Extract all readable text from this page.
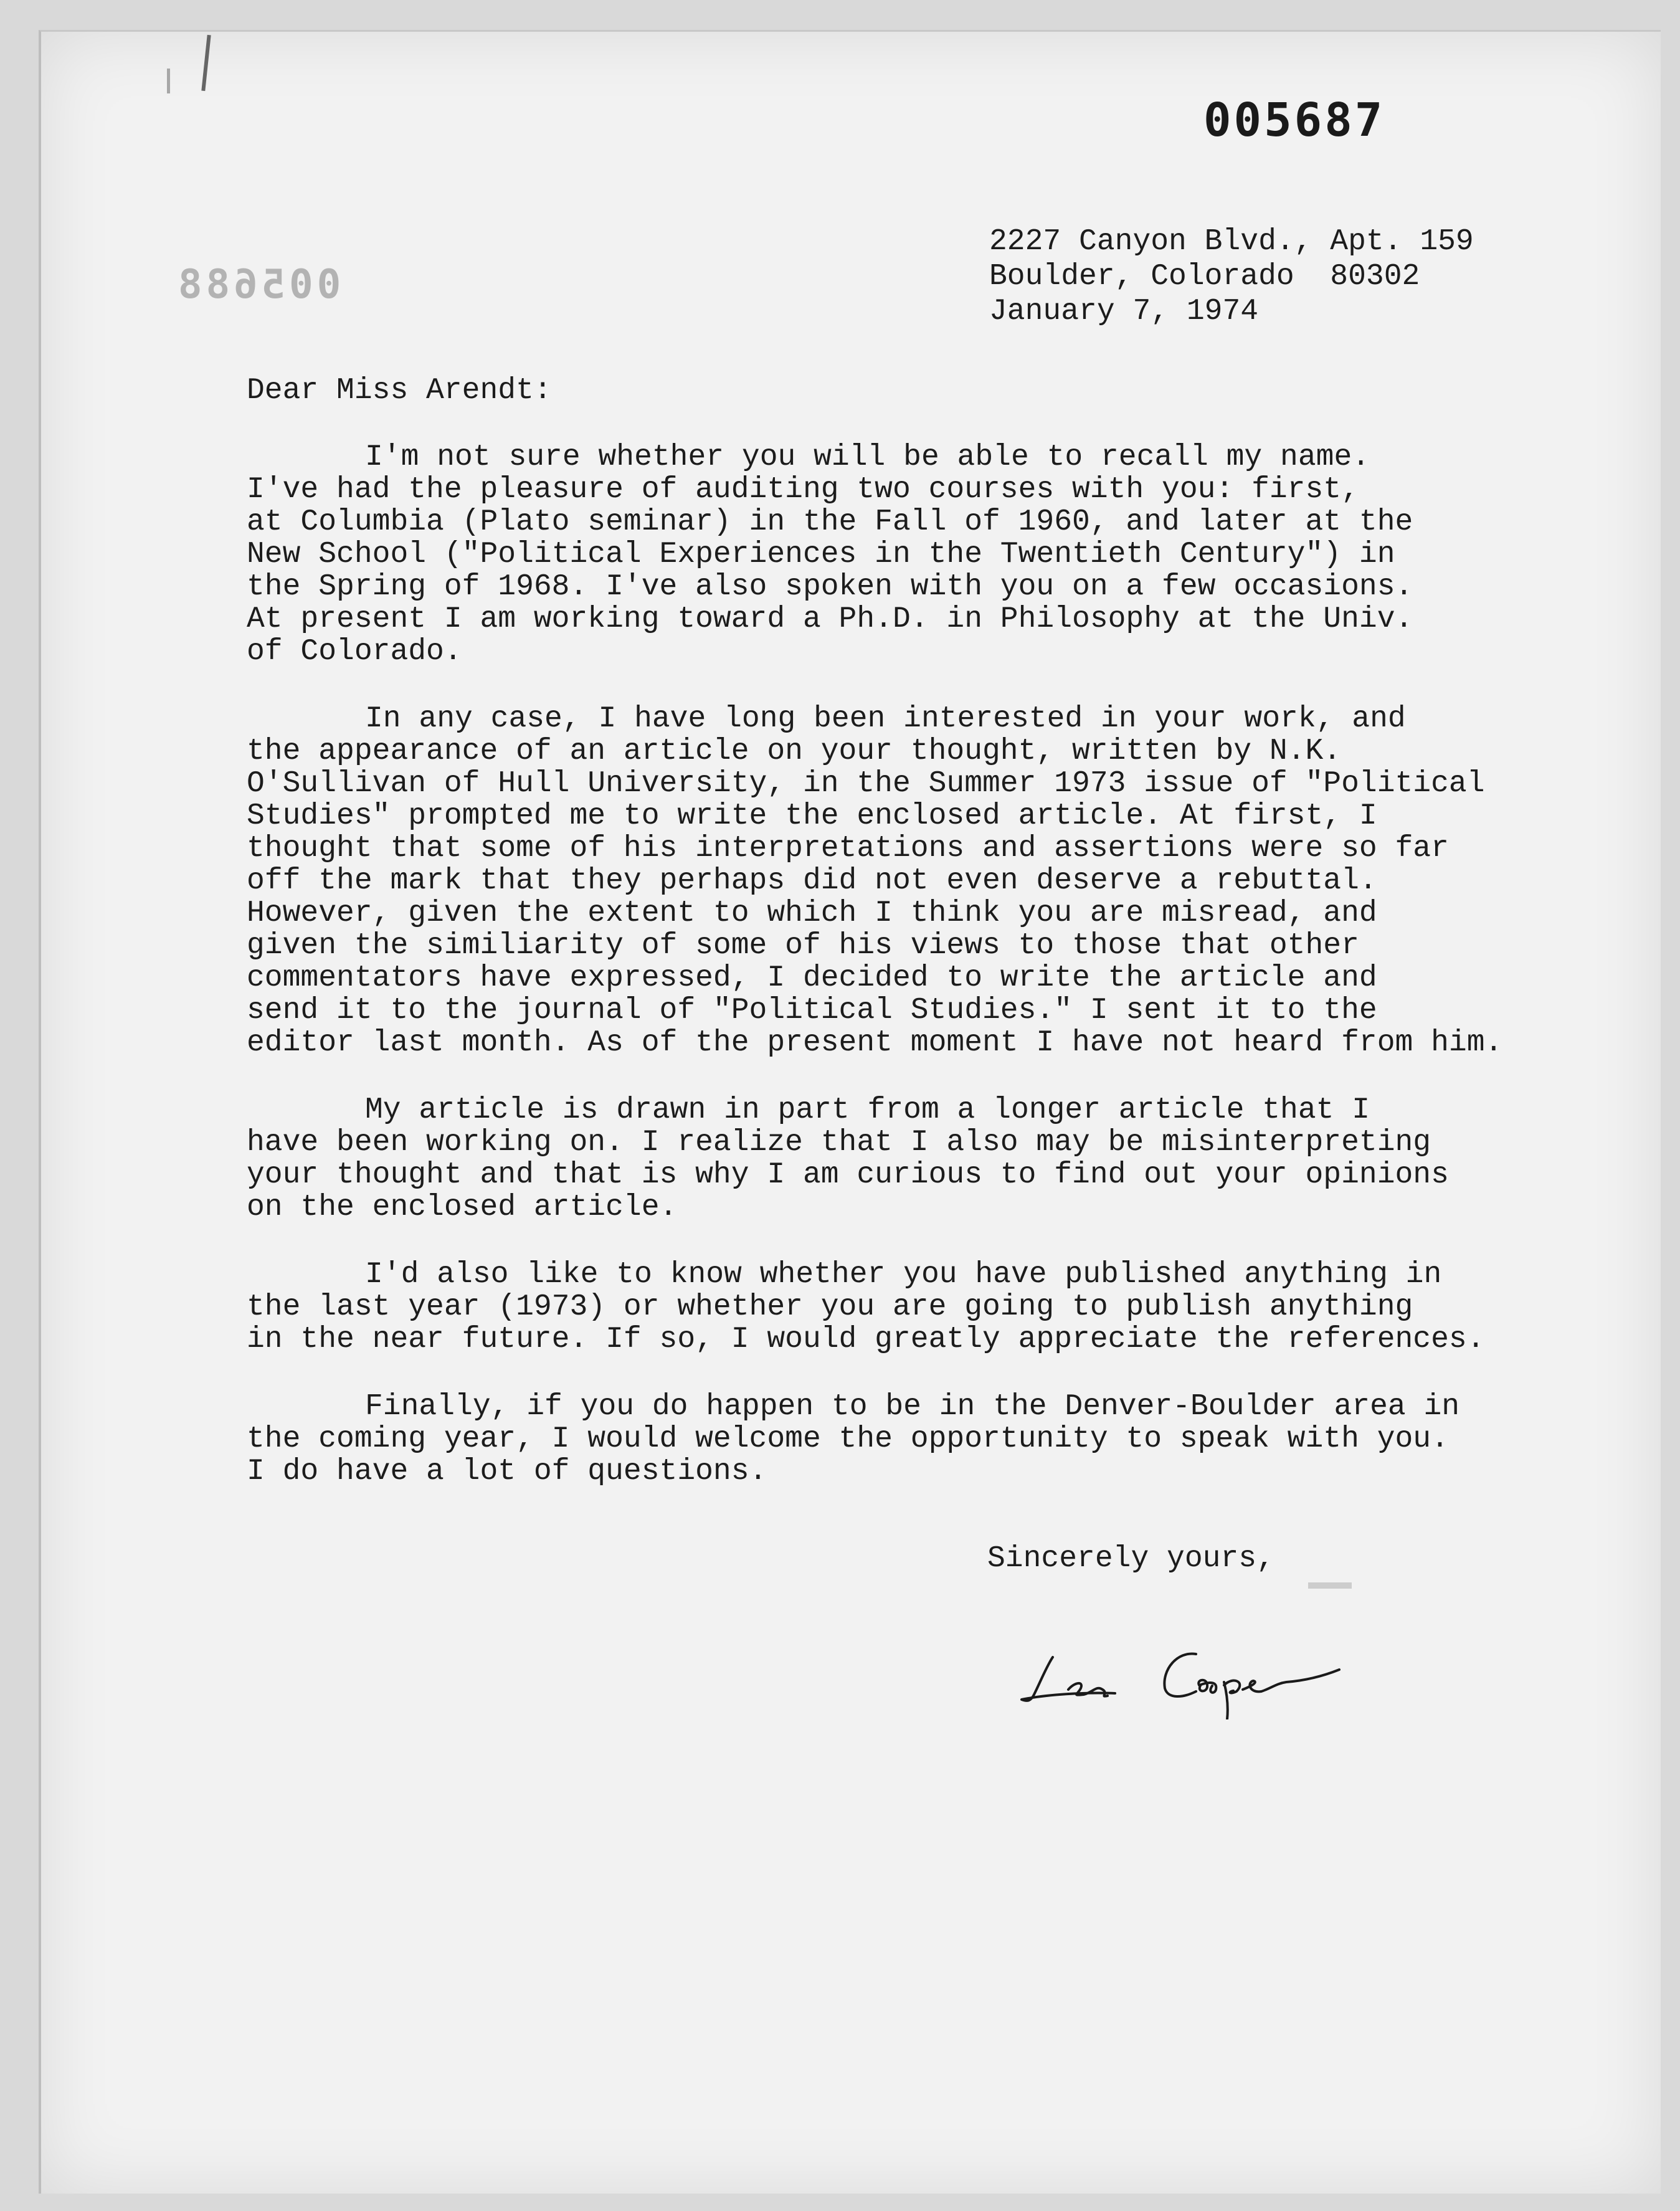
005688
005687
2227 Canyon Blvd., Apt. 159
Boulder, Colorado  80302
January 7, 1974
Dear Miss Arendt:
I'm not sure whether you will be able to recall my name.
I've had the pleasure of auditing two courses with you: first,
at Columbia (Plato seminar) in the Fall of 1960, and later at the
New School ("Political Experiences in the Twentieth Century") in
the Spring of 1968. I've also spoken with you on a few occasions.
At present I am working toward a Ph.D. in Philosophy at the Univ.
of Colorado.
In any case, I have long been interested in your work, and
the appearance of an article on your thought, written by N.K.
O'Sullivan of Hull University, in the Summer 1973 issue of "Political
Studies" prompted me to write the enclosed article. At first, I
thought that some of his interpretations and assertions were so far
off the mark that they perhaps did not even deserve a rebuttal.
However, given the extent to which I think you are misread, and
given the similiarity of some of his views to those that other
commentators have expressed, I decided to write the article and
send it to the journal of "Political Studies." I sent it to the
editor last month. As of the present moment I have not heard from him.
My article is drawn in part from a longer article that I
have been working on. I realize that I also may be misinterpreting
your thought and that is why I am curious to find out your opinions
on the enclosed article.
I'd also like to know whether you have published anything in
the last year (1973) or whether you are going to publish anything
in the near future. If so, I would greatly appreciate the references.
Finally, if you do happen to be in the Denver-Boulder area in
the coming year, I would welcome the opportunity to speak with you.
I do have a lot of questions.
Sincerely yours,
